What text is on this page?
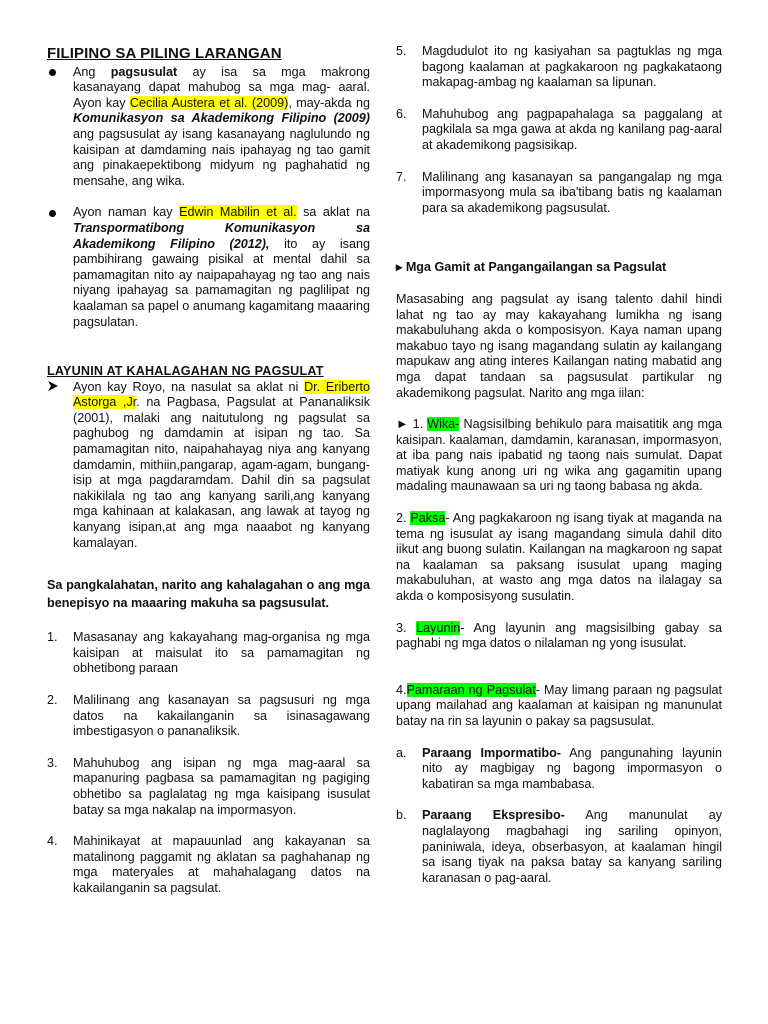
FILIPINO SA PILING LARANGAN
Ang pagsusulat ay isa sa mga makrong kasanayang dapat mahubog sa mga mag- aaral. Ayon kay Cecilia Austera et al. (2009), may-akda ng Komunikasyon sa Akademikong Filipino (2009) ang pagsusulat ay isang kasanayang naglulundo ng kaisipan at damdaming nais ipahayag ng tao gamit ang pinakaepektibong midyum ng paghahatid ng mensahe, ang wika.
Ayon naman kay Edwin Mabilin et al. sa aklat na Transpormatibong Komunikasyon sa Akademikong Filipino (2012), ito ay isang pambihirang gawaing pisikal at mental dahil sa pamamagitan nito ay naipapahayag ng tao ang nais niyang ipahayag sa pamamagitan ng paglilipat ng kaalaman sa papel o anumang kagamitang maaaring pagsulatan.
LAYUNIN AT KAHALAGAHAN NG PAGSULAT
Ayon kay Royo, na nasulat sa aklat ni Dr. Eriberto Astorga ,Jr. na Pagbasa, Pagsulat at Pananaliksik (2001), malaki ang naitutulong ng pagsulat sa paghubog ng damdamin at isipan ng tao. Sa pamamagitan nito, naipahahayag niya ang kanyang damdamin, mithiin,pangarap, agam-agam, bungang-isip at mga pagdaramdam. Dahil din sa pagsulat nakikilala ng tao ang kanyang sarili,ang kanyang mga kahinaan at kalakasan, ang lawak at tayog ng kanyang isipan,at ang mga naaabot ng kanyang kamalayan.

Sa pangkalahatan, narito ang kahalagahan o ang mga benepisyo na maaaring makuha sa pagsusulat.

1.	Masasanay ang kakayahang mag-organisa ng mga kaisipan at maisulat ito sa pamamagitan ng obhetibong paraan
2.	Malilinang ang kasanayan sa pagsusuri ng mga datos na kakailanganin sa isinasagawang imbestigasyon o pananaliksik.
3.	Mahuhubog ang isipan ng mga mag-aaral sa mapanuring pagbasa sa pamamagitan ng pagiging obhetibo sa paglalatag ng mga kaisipang isusulat batay sa mga nakalap na impormasyon.
4.	Mahinikayat at mapauunlad ang kakayanan sa matalinong paggamit ng aklatan sa paghahanap ng mga materyales at mahahalagang datos na kakailanganin sa pagsulat.
5.	Magdudulot ito ng kasiyahan sa pagtuklas ng mga bagong kaalaman at pagkakaroon ng pagkakataong makapag-ambag ng kaalaman sa lipunan.
6.	Mahuhubog ang pagpapahalaga sa paggalang at pagkilala sa mga gawa at akda ng kanilang pag-aaral at akademikong pagsisikap.
7.	Malilinang ang kasanayan sa pangangalap ng mga impormasyong mula sa iba'tibang batis ng kaalaman para sa akademikong pagsusulat.

▸ Mga Gamit at Pangangailangan sa Pagsulat

Masasabing ang pagsulat ay isang talento dahil hindi lahat ng tao ay may kakayahang lumikha ng isang makabuluhang akda o komposisyon. Kaya naman upang makabuo tayo ng isang magandang sulatin ay kailangang mapukaw ang ating interes Kailangan nating mabatid ang mga dapat tandaan sa pagsusulat partikular ng akademikong pagsulat. Narito ang mga iilan:

► 1. Wika- Nagsisilbing behikulo para maisatitik ang mga kaisipan. kaalaman, damdamin, karanasan, impormasyon, at iba pang nais ipabatid ng taong nais sumulat. Dapat matiyak kung anong uri ng wika ang gagamitin upang madaling maunawaan sa uri ng taong babasa ng akda.

2. Paksa- Ang pagkakaroon ng isang tiyak at maganda na tema ng isusulat ay isang magandang simula dahil dito iikut ang buong sulatin. Kailangan na magkaroon ng sapat na kaalaman sa paksang isusulat upang maging makabuluhan, at wasto ang mga datos na ilalagay sa akda o komposisyong susulatin.

3. Layunin- Ang layunin ang magsisilbing gabay sa paghabi ng mga datos o nilalaman ng yong isusulat.

4.Pamaraan ng Pagsulat- May limang paraan ng pagsulat upang mailahad ang kaalaman at kaisipan ng manunulat batay na rin sa layunin o pakay sa pagsusulat.

a.	Paraang Impormatibo- Ang pangunahing layunin nito ay magbigay ng bagong impormasyon o kabatiran sa mga mambabasa.
b.	Paraang Ekspresibo- Ang manunulat ay naglalayong magbahagi ing sariling opinyon, paniniwala, ideya, obserbasyon, at kaalaman hingil sa isang tiyak na paksa batay sa kanyang sariling karanasan o pag-aaral.
